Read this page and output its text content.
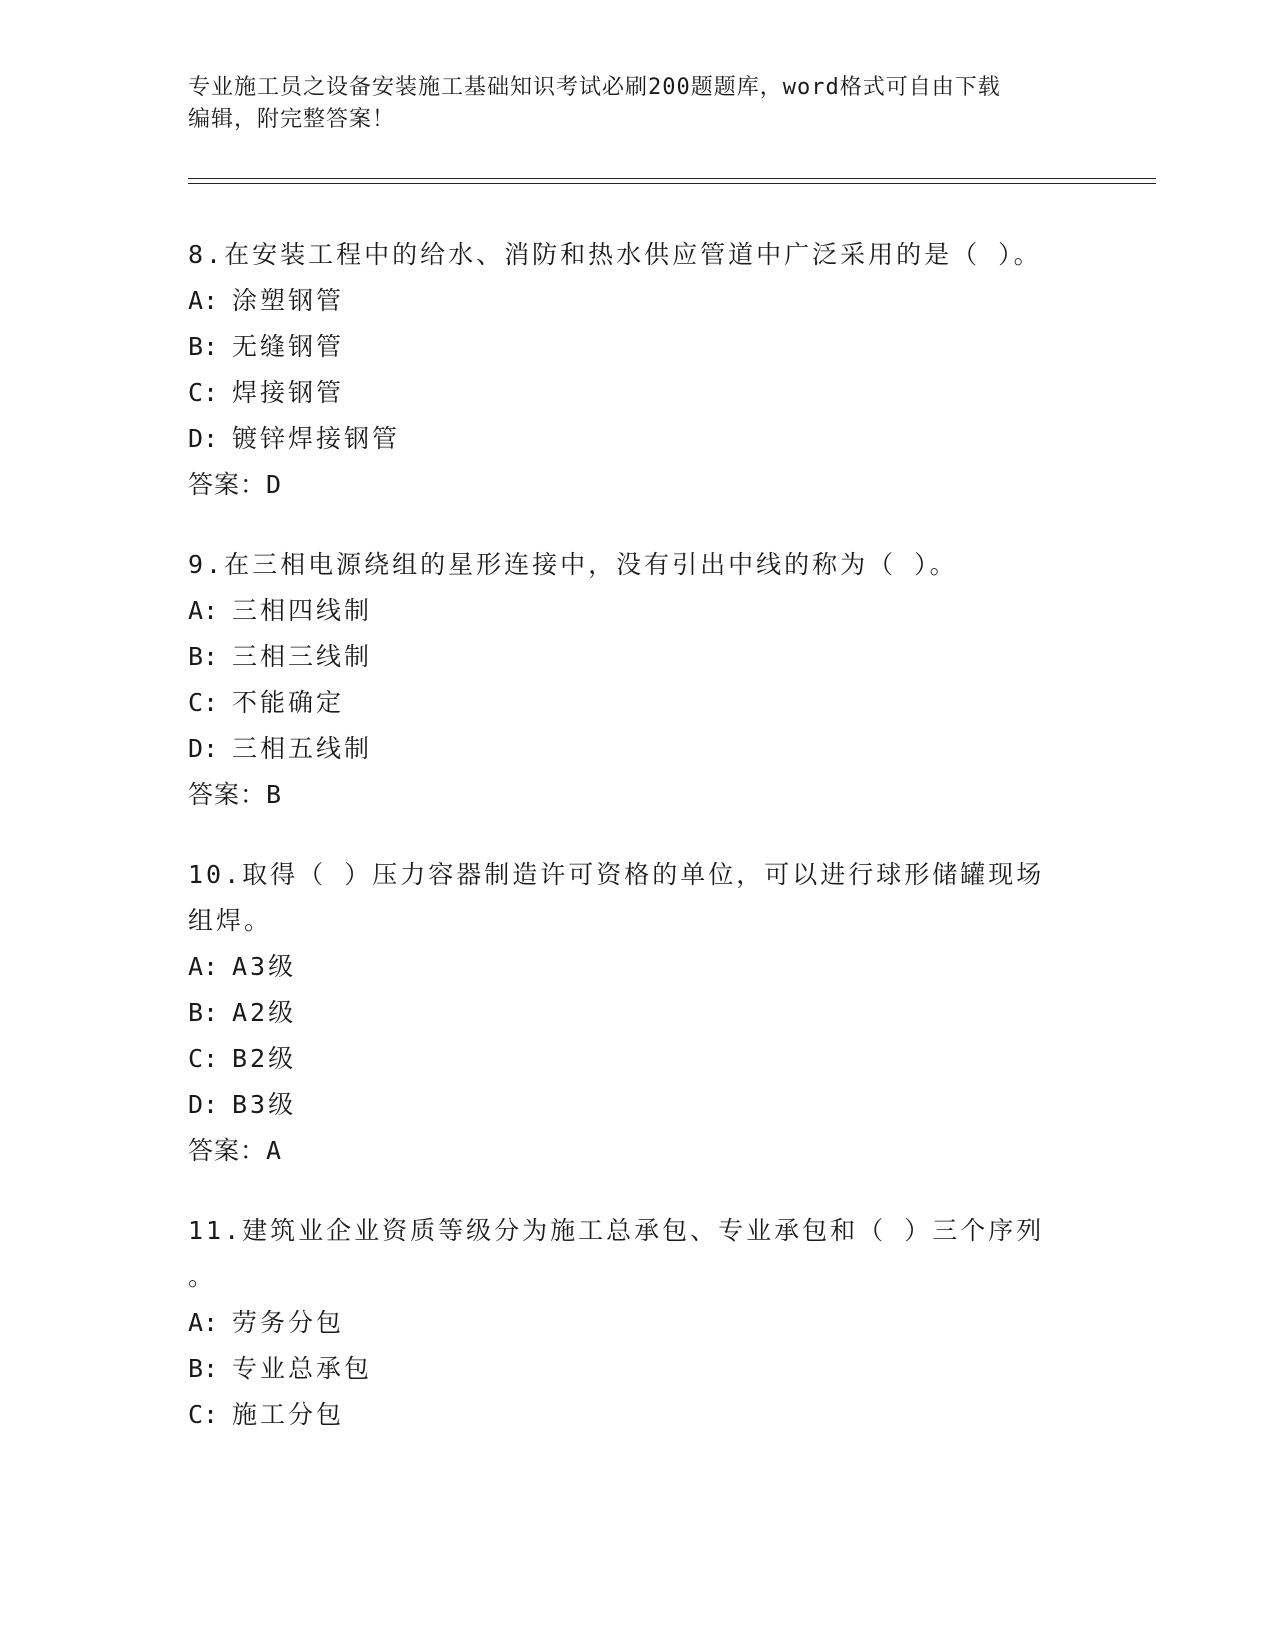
专业施工员之设备安装施工基础知识考试必刷200题题库，word格式可自由下载
编辑，附完整答案！
8.在安装工程中的给水、消防和热水供应管道中广泛采用的是（ ）。
A: 涂塑钢管
B: 无缝钢管
C: 焊接钢管
D: 镀锌焊接钢管
答案：D
9.在三相电源绕组的星形连接中，没有引出中线的称为（ ）。
A: 三相四线制
B: 三相三线制
C: 不能确定
D: 三相五线制
答案：B
10.取得（ ）压力容器制造许可资格的单位，可以进行球形储罐现场
组焊。
A: A3级
B: A2级
C: B2级
D: B3级
答案：A
11.建筑业企业资质等级分为施工总承包、专业承包和（ ）三个序列
。
A: 劳务分包
B: 专业总承包
C: 施工分包
